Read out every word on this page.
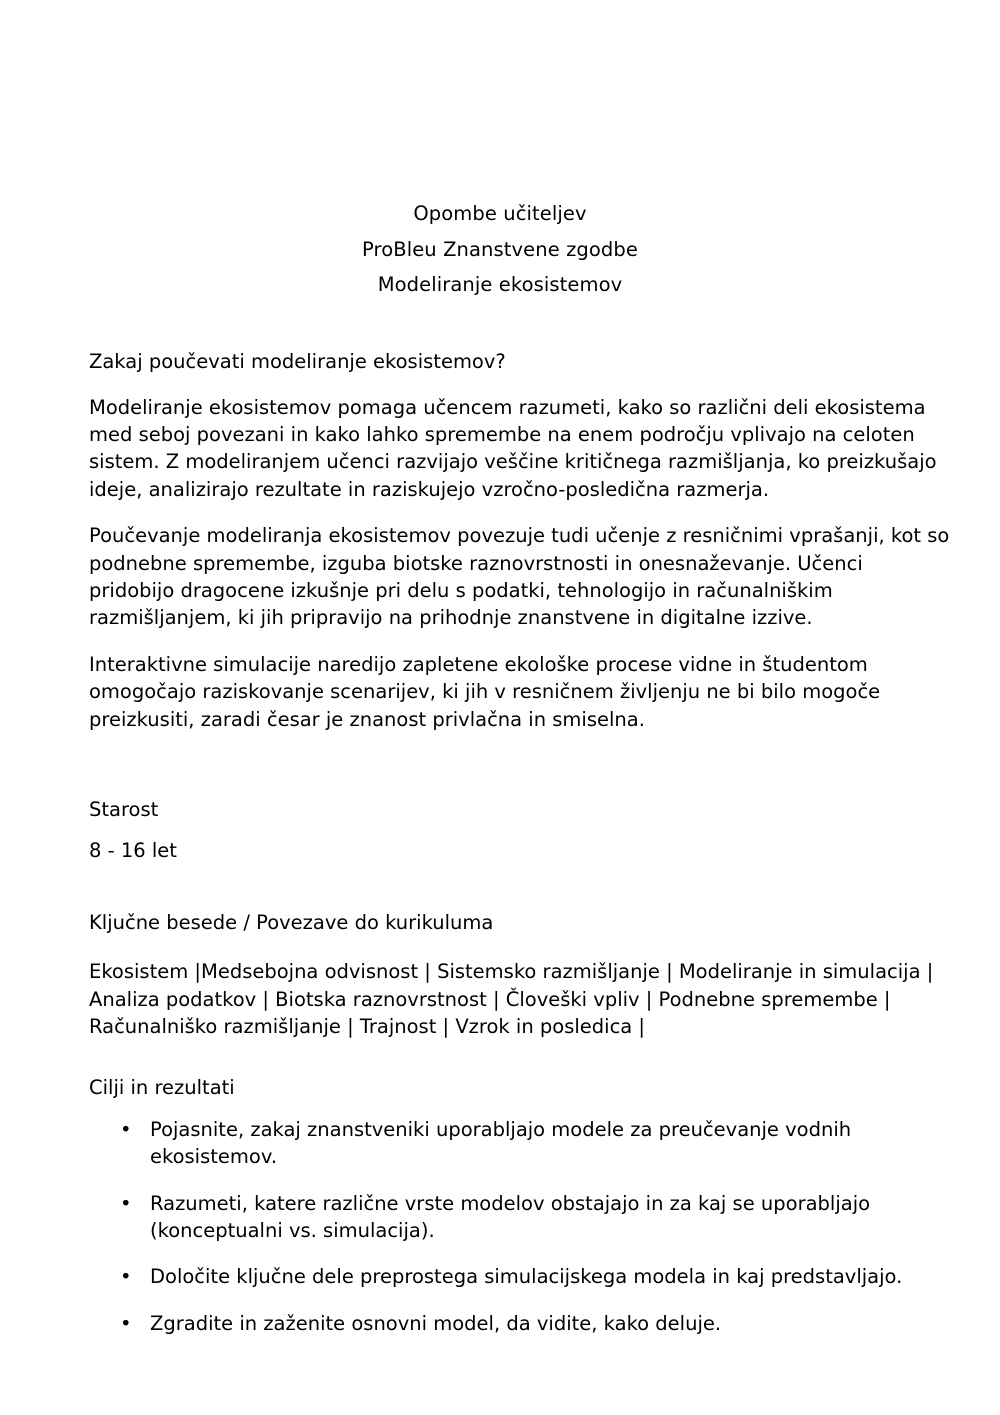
Opombe učiteljev
ProBleu Znanstvene zgodbe
Modeliranje ekosistemov
Zakaj poučevati modeliranje ekosistemov?
Modeliranje ekosistemov pomaga učencem razumeti, kako so različni deli ekosistema
med seboj povezani in kako lahko spremembe na enem področju vplivajo na celoten
sistem. Z modeliranjem učenci razvijajo veščine kritičnega razmišljanja, ko preizkušajo
ideje, analizirajo rezultate in raziskujejo vzročno-posledična razmerja.
Poučevanje modeliranja ekosistemov povezuje tudi učenje z resničnimi vprašanji, kot so
podnebne spremembe, izguba biotske raznovrstnosti in onesnaževanje. Učenci
pridobijo dragocene izkušnje pri delu s podatki, tehnologijo in računalniškim
razmišljanjem, ki jih pripravijo na prihodnje znanstvene in digitalne izzive.
Interaktivne simulacije naredijo zapletene ekološke procese vidne in študentom
omogočajo raziskovanje scenarijev, ki jih v resničnem življenju ne bi bilo mogoče
preizkusiti, zaradi česar je znanost privlačna in smiselna.
Starost
8 - 16 let
Ključne besede / Povezave do kurikuluma
Ekosistem |Medsebojna odvisnost | Sistemsko razmišljanje | Modeliranje in simulacija |
Analiza podatkov | Biotska raznovrstnost | Človeški vpliv | Podnebne spremembe |
Računalniško razmišljanje | Trajnost | Vzrok in posledica |
Cilji in rezultati
• Pojasnite, zakaj znanstveniki uporabljajo modele za preučevanje vodnih
ekosistemov.
• Razumeti, katere različne vrste modelov obstajajo in za kaj se uporabljajo
(konceptualni vs. simulacija).
• Določite ključne dele preprostega simulacijskega modela in kaj predstavljajo.
• Zgradite in zaženite osnovni model, da vidite, kako deluje.
